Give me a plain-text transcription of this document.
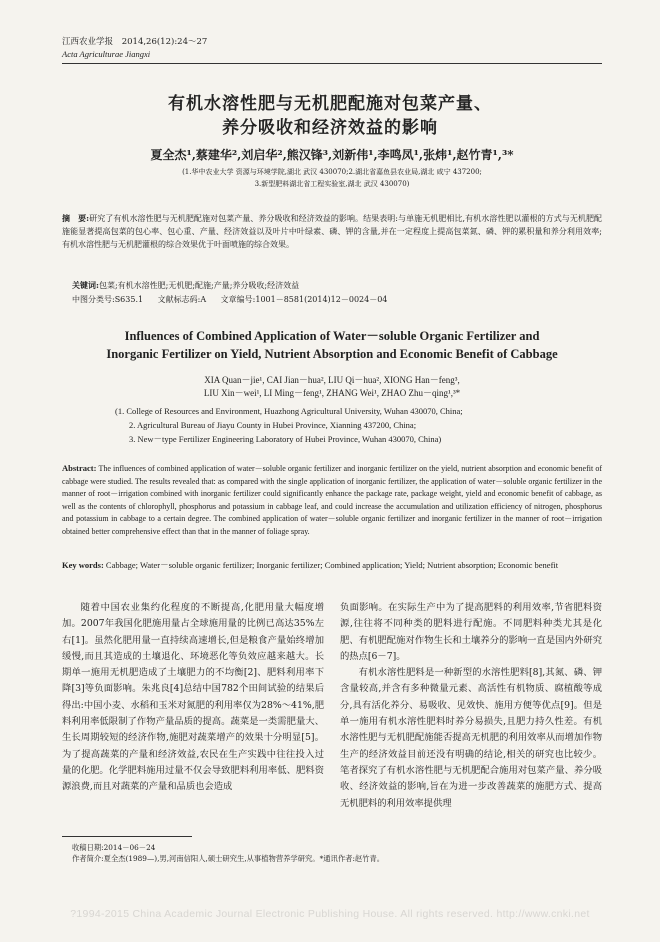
江西农业学报 2014,26(12):24～27
Acta Agriculturae Jiangxi
有机水溶性肥与无机肥配施对包菜产量、
养分吸收和经济效益的影响
夏全杰¹,蔡建华²,刘启华²,熊汉锋³,刘新伟¹,李鸣凤¹,张炜¹,赵竹青¹,³*
(1.华中农业大学 资源与环境学院,湖北 武汉 430070;2.湖北省嘉鱼县农业局,湖北 咸宁 437200;
3.新型肥料湖北省工程实验室,湖北 武汉 430070)
摘　要:研究了有机水溶性肥与无机肥配施对包菜产量、养分吸收和经济效益的影响。结果表明:与单施无机肥相比,有机水溶性肥以灌根的方式与无机肥配施能显著提高包菜的包心率、包心重、产量、经济效益以及叶片中叶绿素、磷、钾的含量,并在一定程度上提高包菜氮、磷、钾的累积量和养分利用效率;有机水溶性肥与无机肥灌根的综合效果优于叶面喷施的综合效果。
关键词:包菜;有机水溶性肥;无机肥;配施;产量;养分吸收;经济效益
中图分类号:S635.1 文献标志码:A 文章编号:1001－8581(2014)12－0024－04
Influences of Combined Application of Water－soluble Organic Fertilizer and
Inorganic Fertilizer on Yield, Nutrient Absorption and Economic Benefit of Cabbage
XIA Quan－jie¹, CAI Jian－hua², LIU Qi－hua², XIONG Han－feng³,
LIU Xin－wei¹, LI Ming－feng¹, ZHANG Wei¹, ZHAO Zhu－qing¹,³*
(1. College of Resources and Environment, Huazhong Agricultural University, Wuhan 430070, China;
2. Agricultural Bureau of Jiayu County in Hubei Province, Xianning 437200, China;
3. New－type Fertilizer Engineering Laboratory of Hubei Province, Wuhan 430070, China)
Abstract: The influences of combined application of water－soluble organic fertilizer and inorganic fertilizer on the yield, nutrient absorption and economic benefit of cabbage were studied. The results revealed that: as compared with the single application of inorganic fertilizer, the application of water－soluble organic fertilizer in the manner of root－irrigation combined with inorganic fertilizer could significantly enhance the package rate, package weight, yield and economic benefit of cabbage, as well as the contents of chlorophyll, phosphorus and potassium in cabbage leaf, and could increase the accumulation and utilization efficiency of nitrogen, phosphorus and potassium in cabbage to a certain degree. The combined application of water－soluble organic fertilizer and inorganic fertilizer in the manner of root－irrigation obtained better comprehensive effect than that in the manner of foliage spray.
Key words: Cabbage; Water－soluble organic fertilizer; Inorganic fertilizer; Combined application; Yield; Nutrient absorption; Economic benefit

随着中国农业集约化程度的不断提高,化肥用量大幅度增加。2007年我国化肥施用量占全球施用量的比例已高达35%左右[1]。虽然化肥用量一直持续高速增长,但是粮食产量始终增加缓慢,而且其造成的土壤退化、环境恶化等负效应越来越大。长期单一施用无机肥造成了土壤肥力的不均衡[2]、肥料利用率下降[3]等负面影响。朱兆良[4]总结中国782个田间试验的结果后得出:中国小麦、水稻和玉米对氮肥的利用率仅为28%～41%,肥料利用率低限制了作物产量品质的提高。蔬菜是一类需肥量大、生长周期较短的经济作物,施肥对蔬菜增产的效果十分明显[5]。为了提高蔬菜的产量和经济效益,农民在生产实践中往往投入过量的化肥。化学肥料施用过量不仅会导致肥料利用率低、肥料资源浪费,而且对蔬菜的产量和品质也会造成

负面影响。在实际生产中为了提高肥料的利用效率,节省肥料资源,往往将不同种类的肥料进行配施。不同肥料种类尤其是化肥、有机肥配施对作物生长和土壤养分的影响一直是国内外研究的热点[6－7]。

有机水溶性肥料是一种新型的水溶性肥料[8],其氮、磷、钾含量较高,并含有多种微量元素、高活性有机物质、腐植酸等成分,具有活化养分、易吸收、见效快、施用方便等优点[9]。但是单一施用有机水溶性肥料时养分易损失,且肥力持久性差。有机水溶性肥与无机肥配施能否提高无机肥的利用效率从而增加作物生产的经济效益目前还没有明确的结论,相关的研究也比较少。笔者探究了有机水溶性肥与无机肥配合施用对包菜产量、养分吸收、经济效益的影响,旨在为进一步改善蔬菜的施肥方式、提高无机肥料的利用效率提供理

收稿日期:2014－06－24
作者简介:夏全杰(1989—),男,河南信阳人,硕士研究生,从事植物营养学研究。*通讯作者:赵竹青。
?1994-2015 China Academic Journal Electronic Publishing House. All rights reserved. http://www.cnki.net
